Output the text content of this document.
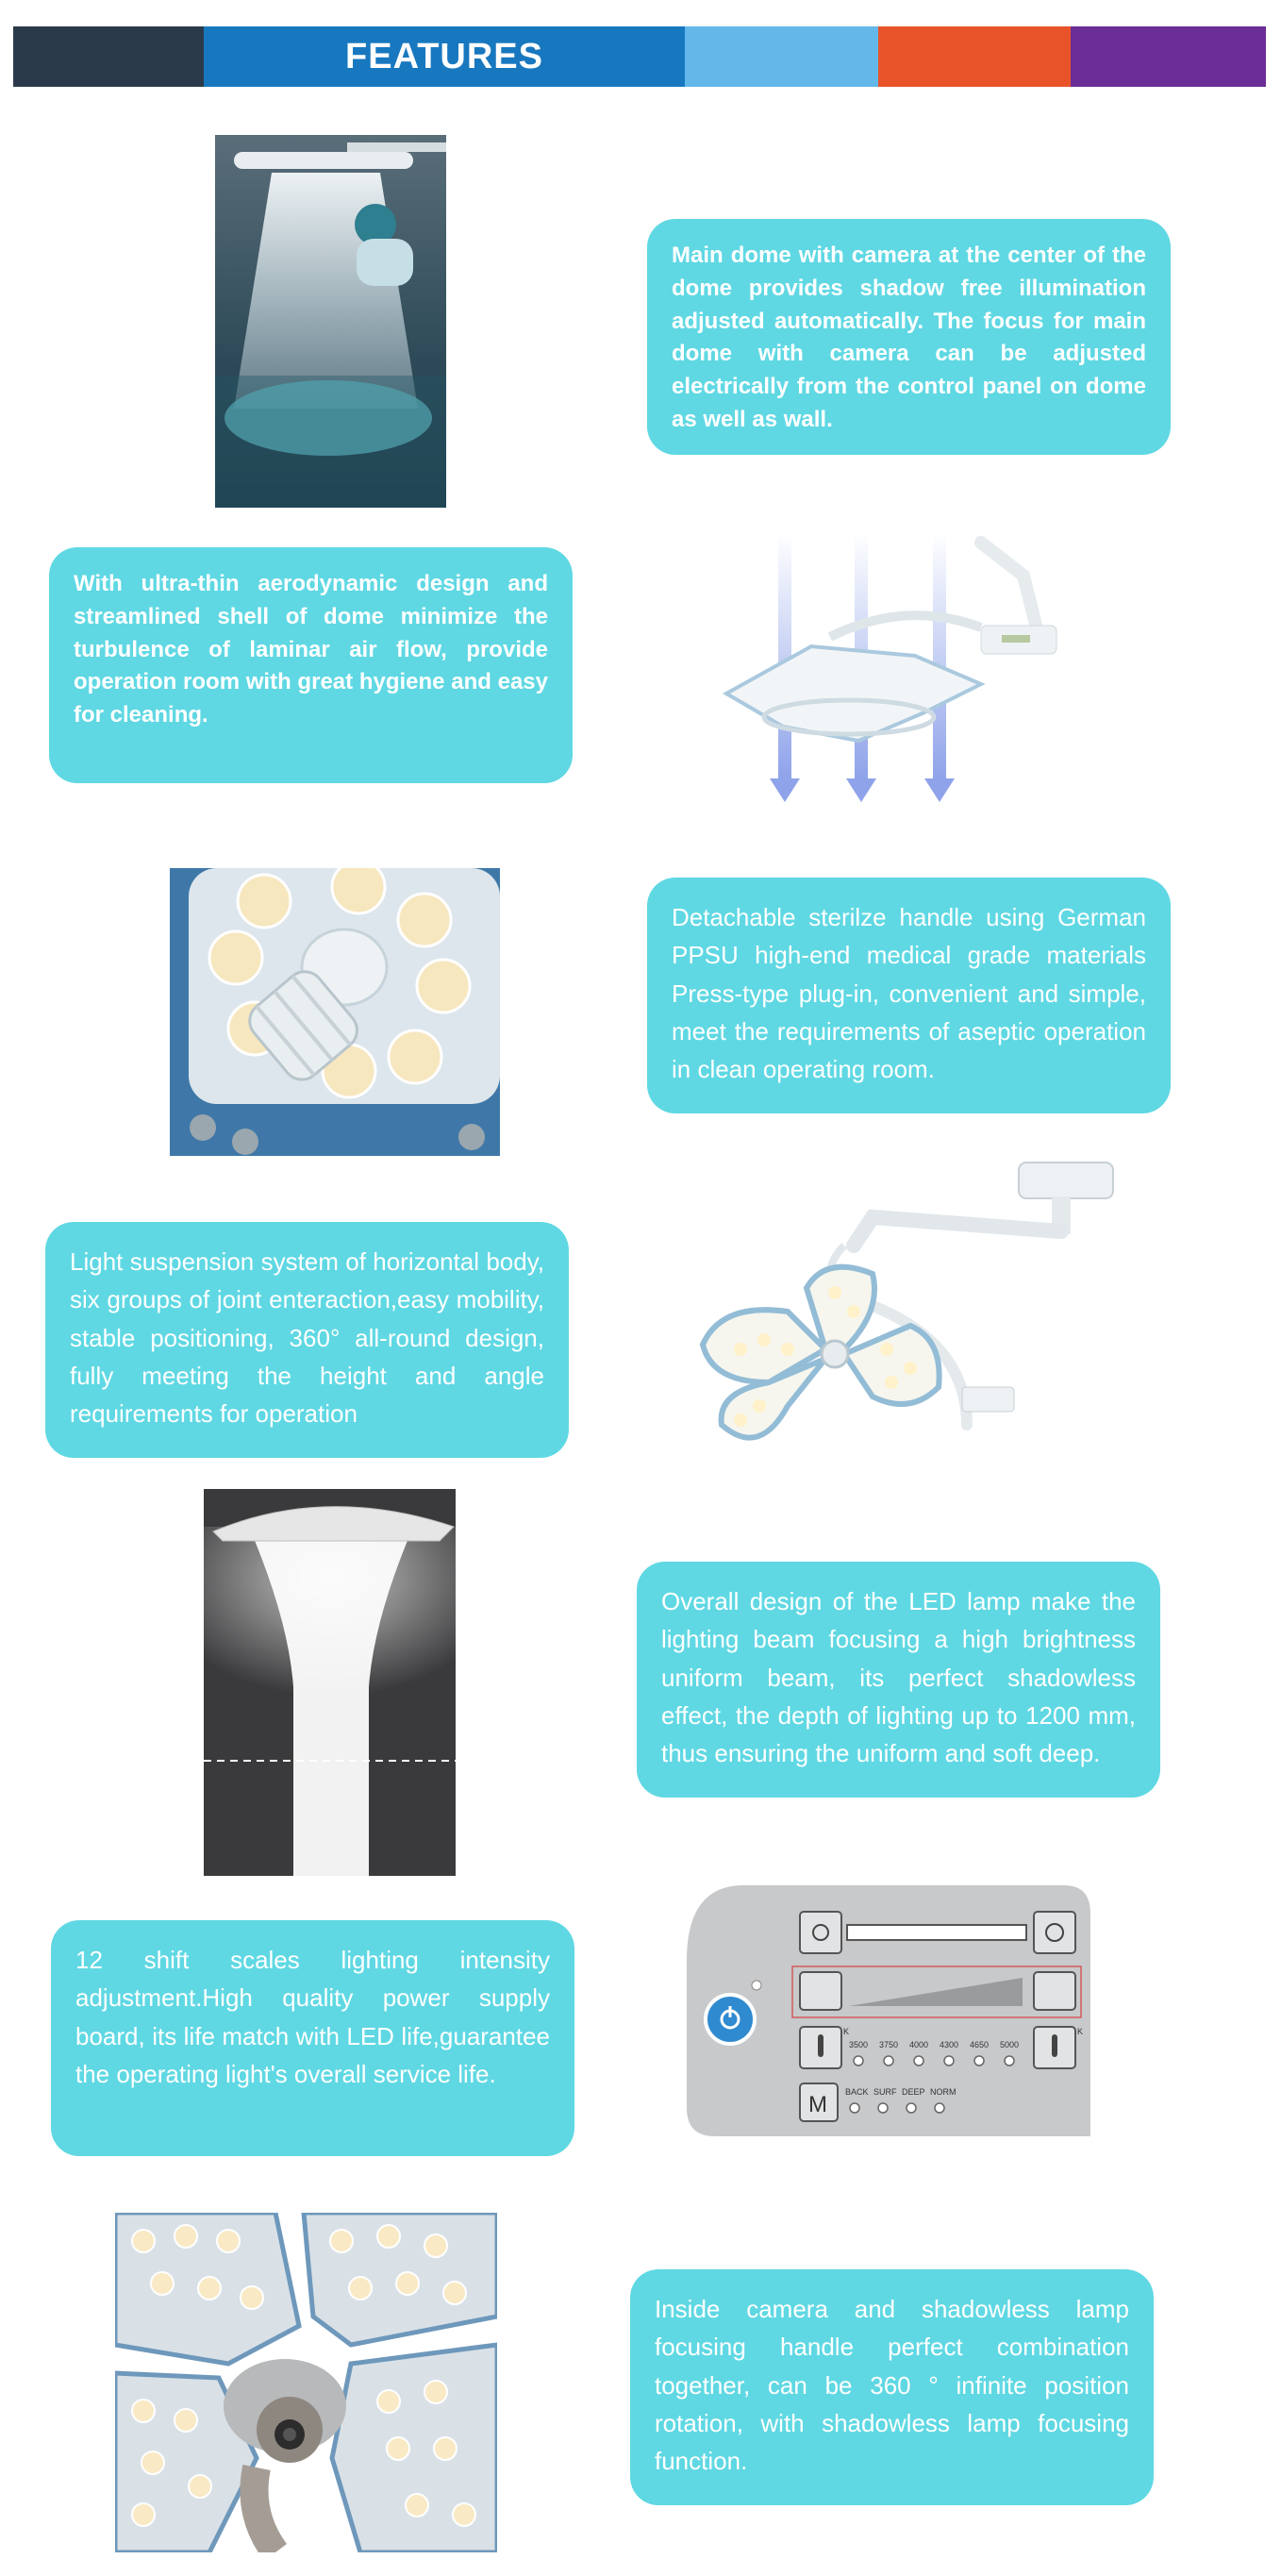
FEATURES
Main dome with camera at the center of the dome provides shadow free illumination adjusted automatically. The focus for main dome with camera can be adjusted electrically from the control panel on dome as well as wall.
With ultra-thin aerodynamic design and streamlined shell of dome minimize the turbulence of laminar air flow, provide operation room with great hygiene and easy for cleaning.
Detachable sterilze handle using German PPSU high-end medical grade materials Press-type plug-in, convenient and simple, meet the requirements of aseptic operation in clean operating room.
Light suspension system of horizontal body, six groups of joint enteraction,easy mobility, stable positioning, 360° all-round design, fully meeting the height and angle requirements for operation
Overall design of the LED lamp make the lighting beam focusing a high brightness uniform beam, its perfect shadowless effect, the depth of lighting up to 1200 mm, thus ensuring the uniform and soft deep.
12 shift scales lighting intensity adjustment.High quality power supply board, its life match with LED life,guarantee the operating light's overall service life.
K	K
3500 3750 4000 4300 4650 5000
M BACK SURF DEEP NORM
Inside camera and shadowless lamp focusing handle perfect combination together, can be 360 ° infinite position rotation, with shadowless lamp focusing function.
